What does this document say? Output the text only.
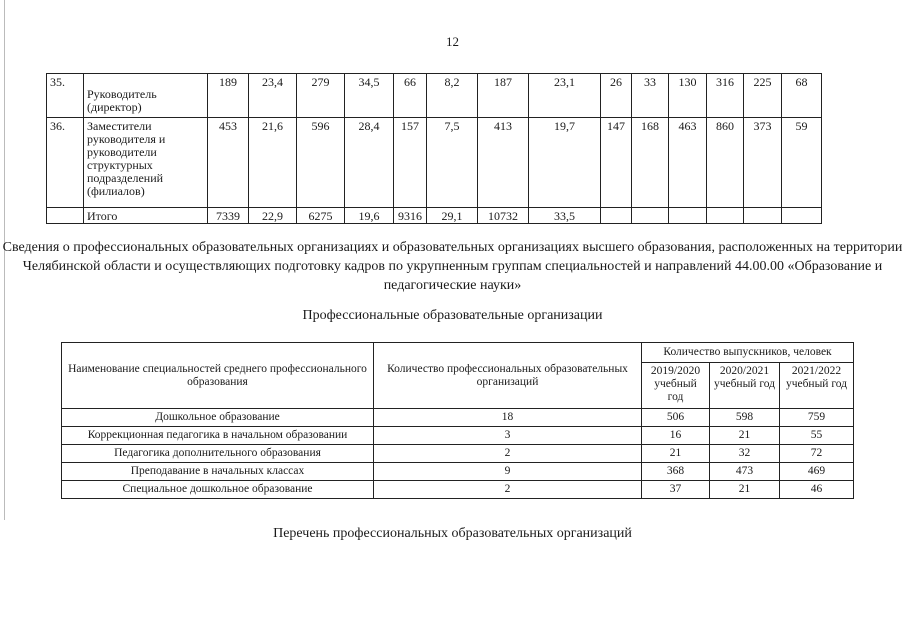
12
35.	Руководитель (директор)	189	23,4	279	34,5	66	8,2	187	23,1	26	33	130	316	225	68
36.	Заместители руководителя и руководители структурных подразделений (филиалов)	453	21,6	596	28,4	157	7,5	413	19,7	147	168	463	860	373	59
	Итого	7339	22,9	6275	19,6	9316	29,1	10732	33,5						
Сведения о профессиональных образовательных организациях и образовательных организациях высшего образования, расположенных на территории Челябинской области и осуществляющих подготовку кадров по укрупненным группам специальностей и направлений 44.00.00 «Образование и педагогические науки»
Профессиональные образовательные организации
Наименование специальностей среднего профессионального образования	Количество профессиональных образовательных организаций	Количество выпускников, человек		
		2019/2020 учебный год	2020/2021 учебный год	2021/2022 учебный год
Дошкольное образование	18	506	598	759
Коррекционная педагогика в начальном образовании	3	16	21	55
Педагогика дополнительного образования	2	21	32	72
Преподавание в начальных классах	9	368	473	469
Специальное дошкольное образование	2	37	21	46
Перечень профессиональных образовательных организаций
